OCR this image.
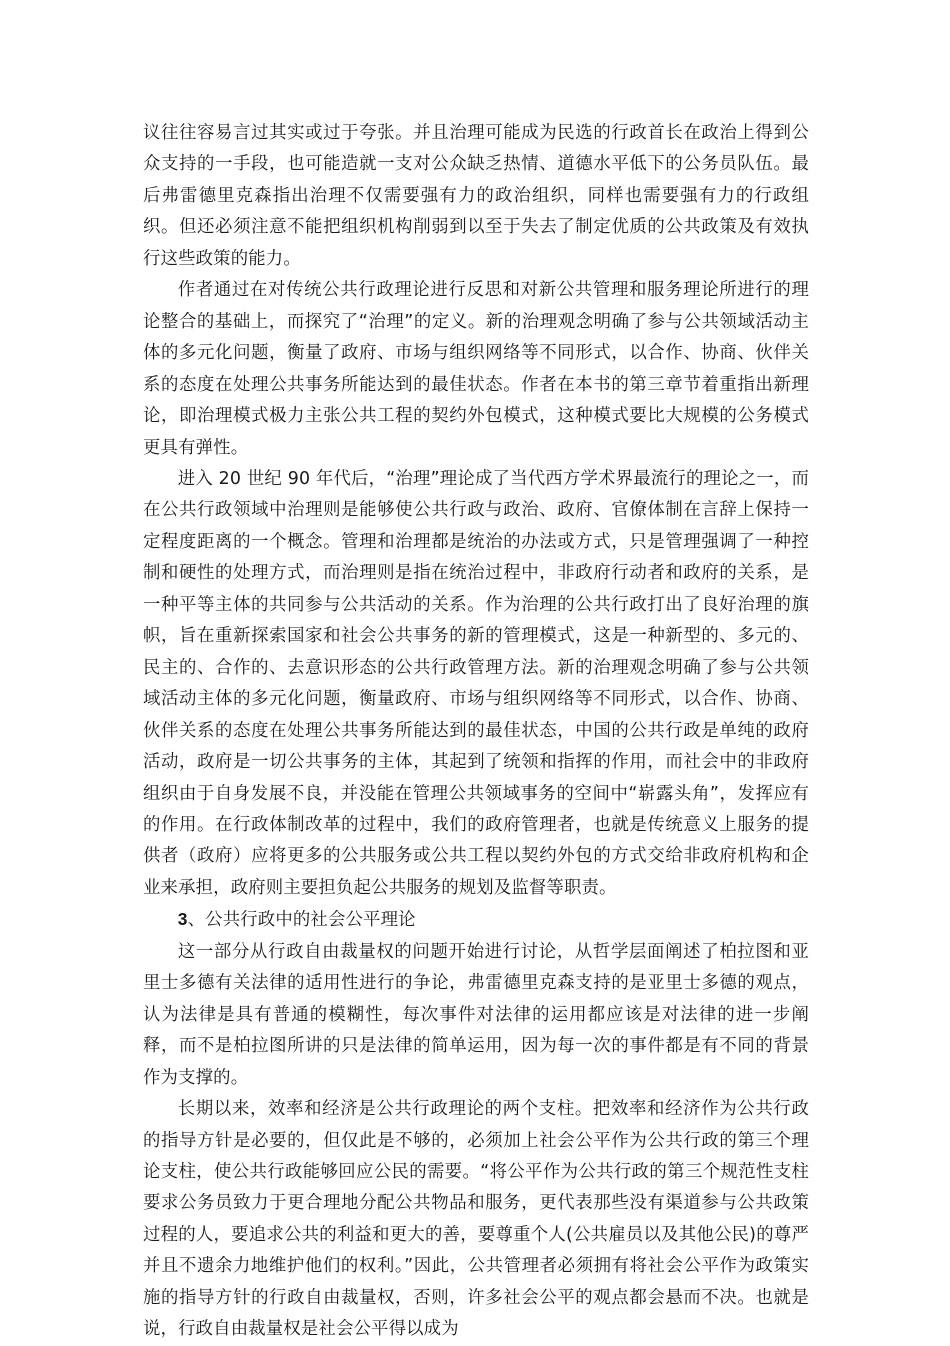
议往往容易言过其实或过于夸张。并且治理可能成为民选的行政首长在政治上得到公众支持的一手段，也可能造就一支对公众缺乏热情、道德水平低下的公务员队伍。最后弗雷德里克森指出治理不仅需要强有力的政治组织，同样也需要强有力的行政组织。但还必须注意不能把组织机构削弱到以至于失去了制定优质的公共政策及有效执行这些政策的能力。

作者通过在对传统公共行政理论进行反思和对新公共管理和服务理论所进行的理论整合的基础上，而探究了“治理”的定义。新的治理观念明确了参与公共领域活动主体的多元化问题，衡量了政府、市场与组织网络等不同形式，以合作、协商、伙伴关系的态度在处理公共事务所能达到的最佳状态。作者在本书的第三章节着重指出新理论，即治理模式极力主张公共工程的契约外包模式，这种模式要比大规模的公务模式更具有弹性。

进入 20 世纪 90 年代后，“治理”理论成了当代西方学术界最流行的理论之一，而在公共行政领域中治理则是能够使公共行政与政治、政府、官僚体制在言辞上保持一定程度距离的一个概念。管理和治理都是统治的办法或方式，只是管理强调了一种控制和硬性的处理方式，而治理则是指在统治过程中，非政府行动者和政府的关系，是一种平等主体的共同参与公共活动的关系。作为治理的公共行政打出了良好治理的旗帜，旨在重新探索国家和社会公共事务的新的管理模式，这是一种新型的、多元的、民主的、合作的、去意识形态的公共行政管理方法。新的治理观念明确了参与公共领域活动主体的多元化问题，衡量政府、市场与组织网络等不同形式，以合作、协商、伙伴关系的态度在处理公共事务所能达到的最佳状态，中国的公共行政是单纯的政府活动，政府是一切公共事务的主体，其起到了统领和指挥的作用，而社会中的非政府组织由于自身发展不良，并没能在管理公共领域事务的空间中“崭露头角”，发挥应有的作用。在行政体制改革的过程中，我们的政府管理者，也就是传统意义上服务的提供者（政府）应将更多的公共服务或公共工程以契约外包的方式交给非政府机构和企业来承担，政府则主要担负起公共服务的规划及监督等职责。

3、公共行政中的社会公平理论

这一部分从行政自由裁量权的问题开始进行讨论，从哲学层面阐述了柏拉图和亚里士多德有关法律的适用性进行的争论，弗雷德里克森支持的是亚里士多德的观点，认为法律是具有普通的模糊性，每次事件对法律的运用都应该是对法律的进一步阐释，而不是柏拉图所讲的只是法律的简单运用，因为每一次的事件都是有不同的背景作为支撑的。

长期以来，效率和经济是公共行政理论的两个支柱。把效率和经济作为公共行政的指导方针是必要的，但仅此是不够的，必须加上社会公平作为公共行政的第三个理论支柱，使公共行政能够回应公民的需要。“将公平作为公共行政的第三个规范性支柱要求公务员致力于更合理地分配公共物品和服务，更代表那些没有渠道参与公共政策过程的人，要追求公共的利益和更大的善，要尊重个人(公共雇员以及其他公民)的尊严并且不遗余力地维护他们的权利。”因此，公共管理者必须拥有将社会公平作为政策实施的指导方针的行政自由裁量权，否则，许多社会公平的观点都会悬而不决。也就是说，行政自由裁量权是社会公平得以成为
